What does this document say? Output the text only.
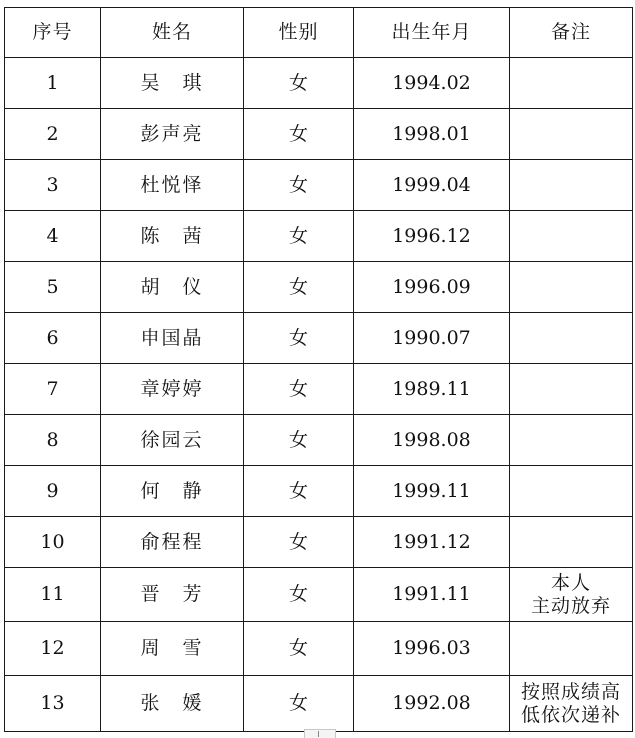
序号	姓名	性别	出生年月	备注
1	吴　琪	女	1994.02	

2	彭声亮	女	1998.01	

3	杜悦怿	女	1999.04	

4	陈　茜	女	1996.12	

5	胡　仪	女	1996.09	

6	申国晶	女	1990.07	

7	章婷婷	女	1989.11	

8	徐园云	女	1998.08	

9	何　静	女	1999.11	

10	俞程程	女	1991.12	

11	晋　芳	女	1991.11	本人
主动放弃

12	周　雪	女	1996.03	

13	张　媛	女	1992.08	按照成绩高
低依次递补
